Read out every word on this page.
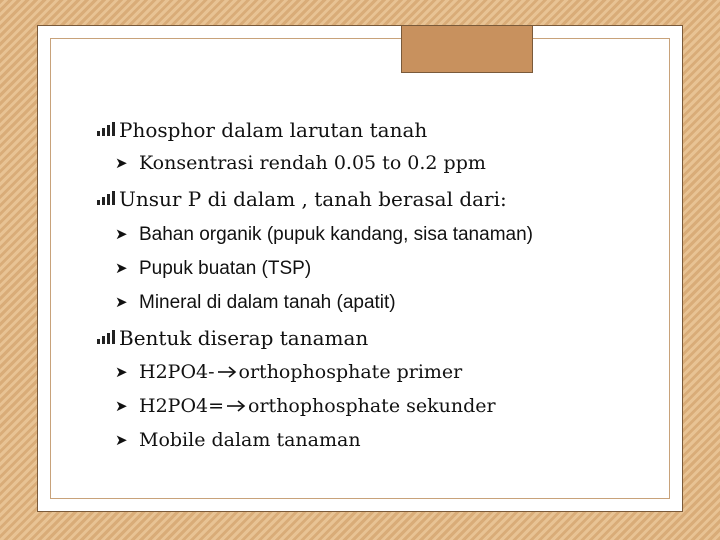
Phosphor dalam larutan tanah
➤ Konsentrasi rendah 0.05 to 0.2 ppm
Unsur P di dalam , tanah berasal dari:
➤ Bahan organik (pupuk kandang, sisa tanaman)
➤ Pupuk buatan (TSP)
➤ Mineral di dalam tanah (apatit)
Bentuk diserap tanaman
➤ H2PO4- orthophosphate primer
➤ H2PO4= orthophosphate sekunder
➤ Mobile dalam tanaman
